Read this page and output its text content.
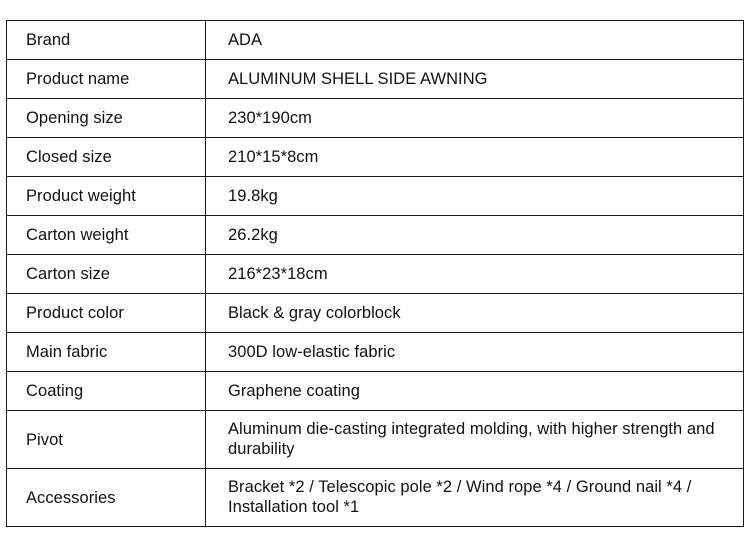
Brand	ADA
Product name	ALUMINUM SHELL SIDE AWNING
Opening size	230*190cm
Closed size	210*15*8cm
Product weight	19.8kg
Carton weight	26.2kg
Carton size	216*23*18cm
Product color	Black & gray colorblock
Main fabric	300D low-elastic fabric
Coating	Graphene coating
Pivot	Aluminum die-casting integrated molding, with higher strength and durability
Accessories	Bracket *2 / Telescopic pole *2 / Wind rope *4 / Ground nail *4 / Installation tool *1
